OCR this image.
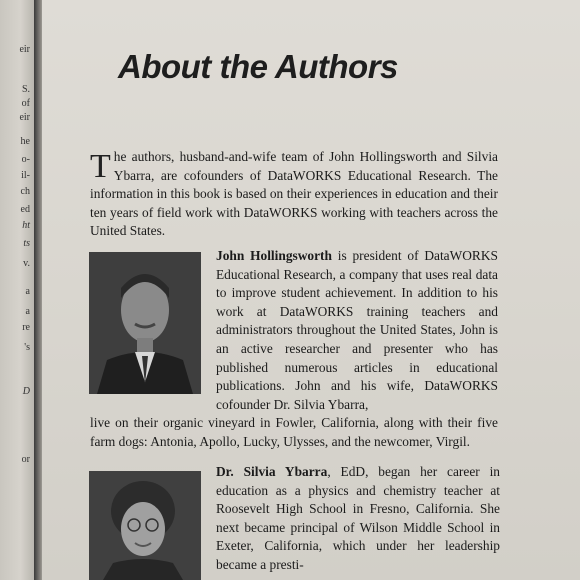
eir
S.
of
eir
he
o-
il-
ch
ed
ht
ts
v.
a
a
re
's
D
or
About the Authors
The authors, husband-and-wife team of John Hollingsworth and Silvia Ybarra, are cofounders of DataWORKS Educational Research. The information in this book is based on their experiences in education and their ten years of field work with DataWORKS working with teachers across the United States.
John Hollingsworth is president of DataWORKS Educational Research, a company that uses real data to improve student achievement. In addition to his work at DataWORKS training teachers and administrators throughout the United States, John is an active researcher and presenter who has published numerous articles in educational publications. John and his wife, DataWORKS cofounder Dr. Silvia Ybarra,
live on their organic vineyard in Fowler, California, along with their five farm dogs: Antonia, Apollo, Lucky, Ulysses, and the newcomer, Virgil.
Dr. Silvia Ybarra, EdD, began her career in education as a physics and chemistry teacher at Roosevelt High School in Fresno, California. She next became principal of Wilson Middle School in Exeter, California, which under her leadership became a presti-
